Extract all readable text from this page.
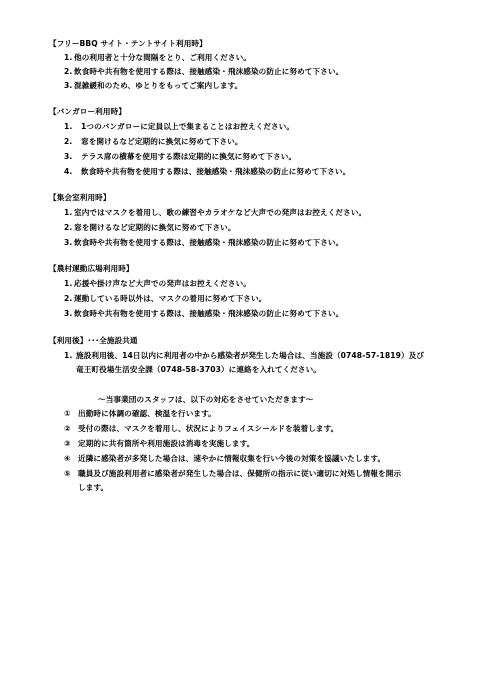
【フリーBBQ サイト・テントサイト利用時】
1. 他の利用者と十分な間隔をとり、ご利用ください。
2. 飲食時や共有物を使用する際は、接触感染・飛沫感染の防止に努めて下さい。
3. 混雑緩和のため、ゆとりをもってご案内します。
【バンガロー利用時】
1. 1つのバンガローに定員以上で集まることはお控えください。
2. 窓を開けるなど定期的に換気に努めて下さい。
3. テラス席の横幕を使用する際は定期的に換気に努めて下さい。
4. 飲食時や共有物を使用する際は、接触感染・飛沫感染の防止に努めて下さい。
【集会室利用時】
1. 室内ではマスクを着用し、歌の練習やカラオケなど大声での発声はお控えください。
2. 窓を開けるなど定期的に換気に努めて下さい。
3. 飲食時や共有物を使用する際は、接触感染・飛沫感染の防止に努めて下さい。
【農村運動広場利用時】
1. 応援や掛け声など大声での発声はお控えください。
2. 運動している時以外は、マスクの着用に努めて下さい。
3. 飲食時や共有物を使用する際は、接触感染・飛沫感染の防止に努めて下さい。
【利用後】･･･全施設共通
1. 施設利用後、14日以内に利用者の中から感染者が発生した場合は、当施設（0748-57-1819）及び
竜王町役場生活安全課（0748-58-3703）に連絡を入れてください。
～当事業団のスタッフは、以下の対応をさせていただきます～
① 出勤時に体調の確認、検温を行います。
② 受付の際は、マスクを着用し、状況によりフェイスシールドを装着します。
③ 定期的に共有箇所や利用施設は消毒を実施します。
④ 近隣に感染者が多発した場合は、速やかに情報収集を行い今後の対策を協議いたします。
⑤ 職員及び施設利用者に感染者が発生した場合は、保健所の指示に従い適切に対処し情報を開示
します。
